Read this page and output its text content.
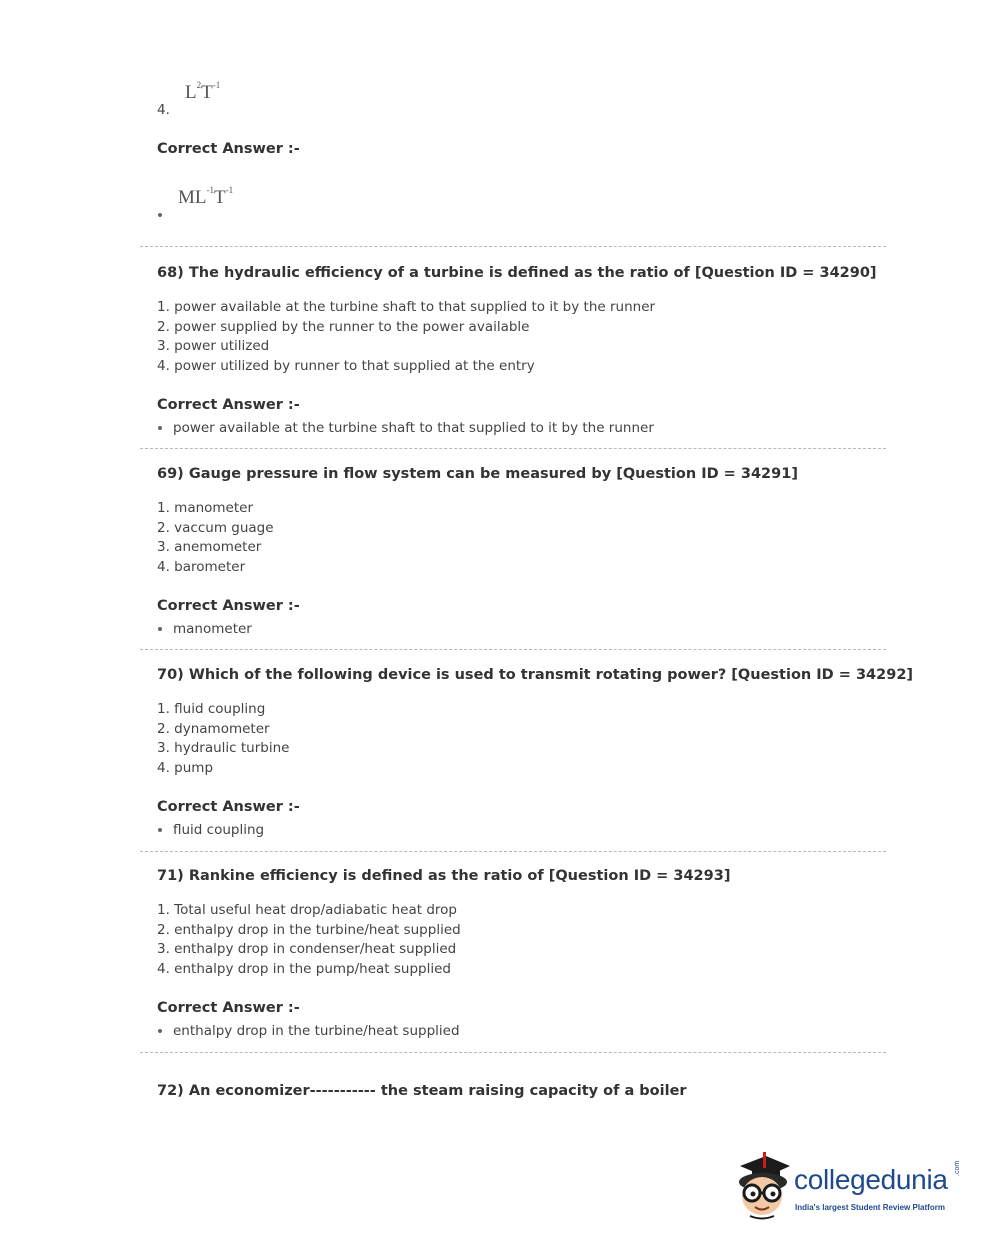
$L^2T^{-1}$
4.
Correct Answer :-
$ML^{-1}T^{-1}$
68) The hydraulic efficiency of a turbine is defined as the ratio of [Question ID = 34290]
1. power available at the turbine shaft to that supplied to it by the runner
2. power supplied by the runner to the power available
3. power utilized
4. power utilized by runner to that supplied at the entry
Correct Answer :-
power available at the turbine shaft to that supplied to it by the runner
69) Gauge pressure in flow system can be measured by [Question ID = 34291]
1. manometer
2. vaccum guage
3. anemometer
4. barometer
Correct Answer :-
manometer
70) Which of the following device is used to transmit rotating power? [Question ID = 34292]
1. fluid coupling
2. dynamometer
3. hydraulic turbine
4. pump
Correct Answer :-
fluid coupling
71) Rankine efficiency is defined as the ratio of [Question ID = 34293]
1. Total useful heat drop/adiabatic heat drop
2. enthalpy drop in the turbine/heat supplied
3. enthalpy drop in condenser/heat supplied
4. enthalpy drop in the pump/heat supplied
Correct Answer :-
enthalpy drop in the turbine/heat supplied
72) An economizer----------- the steam raising capacity of a boiler
collegedunia .com
India's largest Student Review Platform
